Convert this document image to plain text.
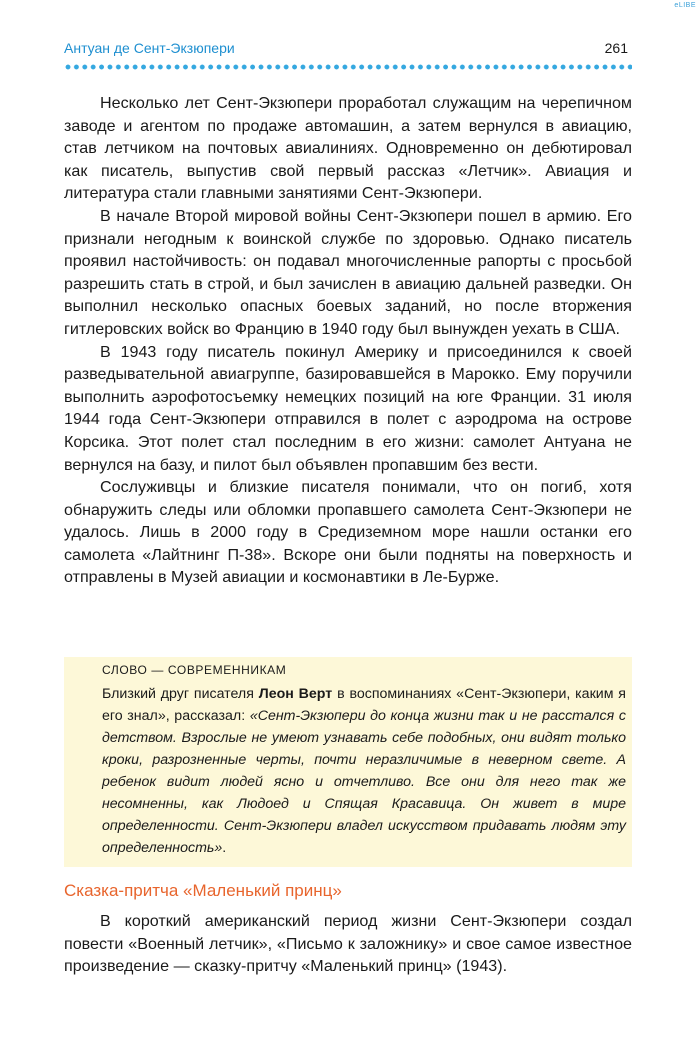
eLIBE
Антуан де Сент-Экзюпери	261

Несколько лет Сент-Экзюпери проработал служащим на черепичном заводе и агентом по продаже автомашин, а затем вернулся в авиацию, став летчиком на почтовых авиалиниях. Одновременно он дебютировал как писатель, выпустив свой первый рассказ «Летчик». Авиация и литература стали главными занятиями Сент-Экзюпери.

В начале Второй мировой войны Сент-Экзюпери пошел в армию. Его признали негодным к воинской службе по здоровью. Однако писатель проявил настойчивость: он подавал многочисленные рапорты с просьбой разрешить стать в строй, и был зачислен в авиацию дальней разведки. Он выполнил несколько опасных боевых заданий, но после вторжения гитлеровских войск во Францию в 1940 году был вынужден уехать в США.

В 1943 году писатель покинул Америку и присоединился к своей разведывательной авиагруппе, базировавшейся в Марокко. Ему поручили выполнить аэрофотосъемку немецких позиций на юге Франции. 31 июля 1944 года Сент-Экзюпери отправился в полет с аэродрома на острове Корсика. Этот полет стал последним в его жизни: самолет Антуана не вернулся на базу, и пилот был объявлен пропавшим без вести.

Сослуживцы и близкие писателя понимали, что он погиб, хотя обнаружить следы или обломки пропавшего самолета Сент-Экзюпери не удалось. Лишь в 2000 году в Средиземном море нашли останки его самолета «Лайтнинг П-38». Вскоре они были подняты на поверхность и отправлены в Музей авиации и космонавтики в Ле-Бурже.

СЛОВО — СОВРЕМЕННИКАМ

Близкий друг писателя Леон Верт в воспоминаниях «Сент-Экзюпери, каким я его знал», рассказал: «Сент-Экзюпери до конца жизни так и не расстался с детством. Взрослые не умеют узнавать себе подобных, они видят только кроки, разрозненные черты, почти неразличимые в неверном свете. А ребенок видит людей ясно и отчетливо. Все они для него так же несомненны, как Людоед и Спящая Красавица. Он живет в мире определенности. Сент-Экзюпери владел искусством придавать людям эту определенность».

Сказка-притча «Маленький принц»

В короткий американский период жизни Сент-Экзюпери создал повести «Военный летчик», «Письмо к заложнику» и свое самое известное произведение — сказку-притчу «Маленький принц» (1943).
